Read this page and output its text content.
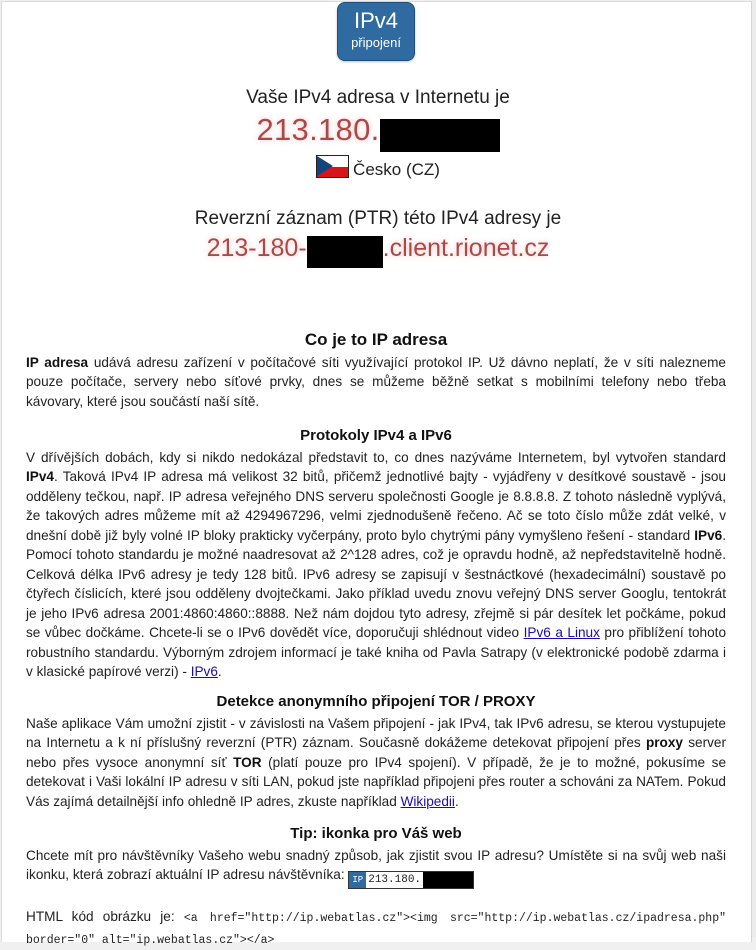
IPv4
připojení
Vaše IPv4 adresa v Internetu je
213.180.
Česko (CZ)
Reverzní záznam (PTR) této IPv4 adresy je
213-180-	.client.rionet.cz
Co je to IP adresa

IP adresa udává adresu zařízení v počítačové síti využívající protokol IP. Už dávno neplatí, že v síti nalezneme pouze počítače, servery nebo síťové prvky, dnes se můžeme běžně setkat s mobilními telefony nebo třeba kávovary, které jsou součástí naší sítě.

Protokoly IPv4 a IPv6

V dřívějších dobách, kdy si nikdo nedokázal představit to, co dnes nazýváme Internetem, byl vytvořen standard IPv4. Taková IPv4 IP adresa má velikost 32 bitů, přičemž jednotlivé bajty - vyjádřeny v desítkové soustavě - jsou odděleny tečkou, např. IP adresa veřejného DNS serveru společnosti Google je 8.8.8.8. Z tohoto následně vyplývá, že takových adres můžeme mít až 4294967296, velmi zjednodušeně řečeno. Ač se toto číslo může zdát velké, v dnešní době již byly volné IP bloky prakticky vyčerpány, proto bylo chytrými pány vymyšleno řešení - standard IPv6. Pomocí tohoto standardu je možné naadresovat až 2^128 adres, což je opravdu hodně, až nepředstavitelně hodně. Celková délka IPv6 adresy je tedy 128 bitů. IPv6 adresy se zapisují v šestnáctkové (hexadecimální) soustavě po čtyřech číslicích, které jsou odděleny dvojtečkami. Jako příklad uvedu znovu veřejný DNS server Googlu, tentokrát je jeho IPv6 adresa 2001:4860:4860::8888. Než nám dojdou tyto adresy, zřejmě si pár desítek let počkáme, pokud se vůbec dočkáme. Chcete-li se o IPv6 dovědět více, doporučuji shlédnout video IPv6 a Linux pro přiblížení tohoto robustního standardu. Výborným zdrojem informací je také kniha od Pavla Satrapy (v elektronické podobě zdarma i v klasické papírové verzi) - IPv6.

Detekce anonymního připojení TOR / PROXY

Naše aplikace Vám umožní zjistit - v závislosti na Vašem připojení - jak IPv4, tak IPv6 adresu, se kterou vystupujete na Internetu a k ní příslušný reverzní (PTR) záznam. Současně dokážeme detekovat připojení přes proxy server nebo přes vysoce anonymní síť TOR (platí pouze pro IPv4 spojení). V případě, že je to možné, pokusíme se detekovat i Vaši lokální IP adresu v síti LAN, pokud jste například připojeni přes router a schováni za NATem. Pokud Vás zajímá detailnější info ohledně IP adres, zkuste například Wikipedii.

Tip: ikonka pro Váš web

Chcete mít pro návštěvníky Vašeho webu snadný způsob, jak zjistit svou IP adresu? Umístěte si na svůj web naši ikonku, která zobrazí aktuální IP adresu návštěvníka: IP 213.180.

HTML kód obrázku je: <a href="http://ip.webatlas.cz"><img src="http://ip.webatlas.cz/ipadresa.php" border="0" alt="ip.webatlas.cz"></a>
